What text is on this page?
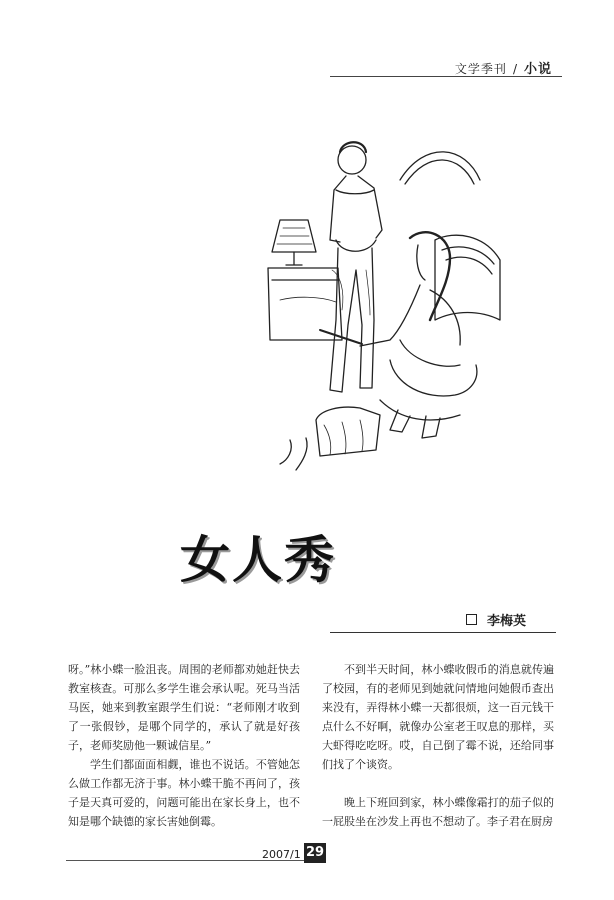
文学季刊 / 小说
女人秀
李梅英

呀。”林小蝶一脸沮丧。周围的老师都劝她赶快去教室核查。可那么多学生谁会承认呢。死马当活马医，她来到教室跟学生们说：“老师刚才收到了一张假钞，是哪个同学的，承认了就是好孩子，老师奖励他一颗诚信星。”

学生们都面面相觑，谁也不说话。不管她怎么做工作都无济于事。林小蝶干脆不再问了，孩子是天真可爱的，问题可能出在家长身上，也不知是哪个缺德的家长害她倒霉。

不到半天时间，林小蝶收假币的消息就传遍了校园，有的老师见到她就问情地问她假币查出来没有，弄得林小蝶一天都很烦，这一百元钱干点什么不好啊，就像办公室老王叹息的那样，买大虾得吃吃呀。哎，自己倒了霉不说，还给同事们找了个谈资。

晚上下班回到家，林小蝶像霜打的茄子似的一屁股坐在沙发上再也不想动了。李子君在厨房

2007/1 29
